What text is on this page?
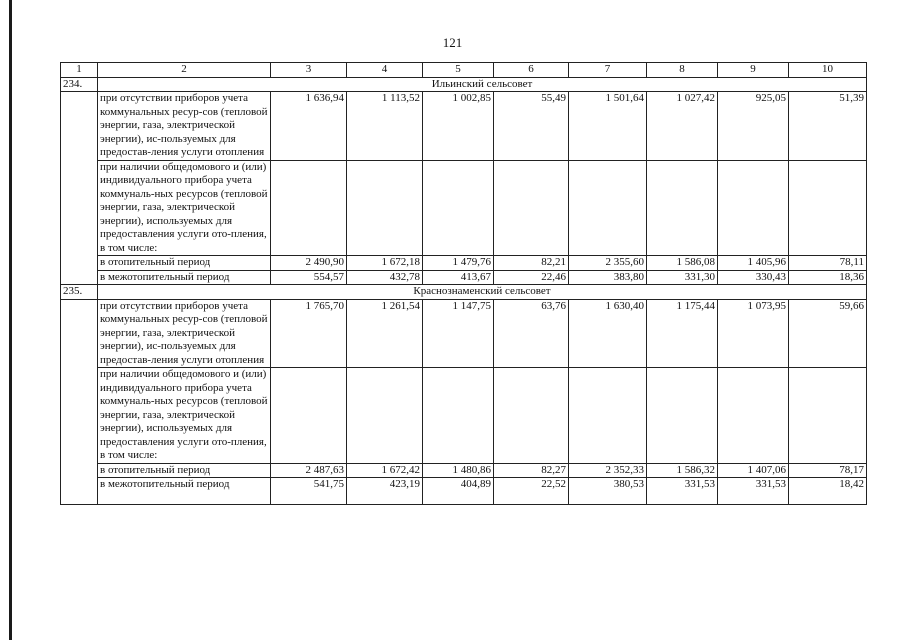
121
1	2	3	4	5	6	7	8	9	10
234.	Ильинский сельсовет								
	при отсутствии приборов учета коммунальных ресур-сов (тепловой энергии, газа, электрической энергии), ис-пользуемых для предостав-ления услуги отопления	1 636,94	1 113,52	1 002,85	55,49	1 501,64	1 027,42	925,05	51,39
	при наличии общедомового и (или) индивидуального прибора учета коммуналь-ных ресурсов (тепловой энергии, газа, электрической энергии), используемых для предоставления услуги ото-пления, в том числе:								
	в отопительный период	2 490,90	1 672,18	1 479,76	82,21	2 355,60	1 586,08	1 405,96	78,11
	в межотопительный период	554,57	432,78	413,67	22,46	383,80	331,30	330,43	18,36
235.	Краснознаменский сельсовет								
	при отсутствии приборов учета коммунальных ресур-сов (тепловой энергии, газа, электрической энергии), ис-пользуемых для предостав-ления услуги отопления	1 765,70	1 261,54	1 147,75	63,76	1 630,40	1 175,44	1 073,95	59,66
	при наличии общедомового и (или) индивидуального прибора учета коммуналь-ных ресурсов (тепловой энергии, газа, электрической энергии), используемых для предоставления услуги ото-пления, в том числе:								
	в отопительный период	2 487,63	1 672,42	1 480,86	82,27	2 352,33	1 586,32	1 407,06	78,17
	в межотопительный период	541,75	423,19	404,89	22,52	380,53	331,53	331,53	18,42
